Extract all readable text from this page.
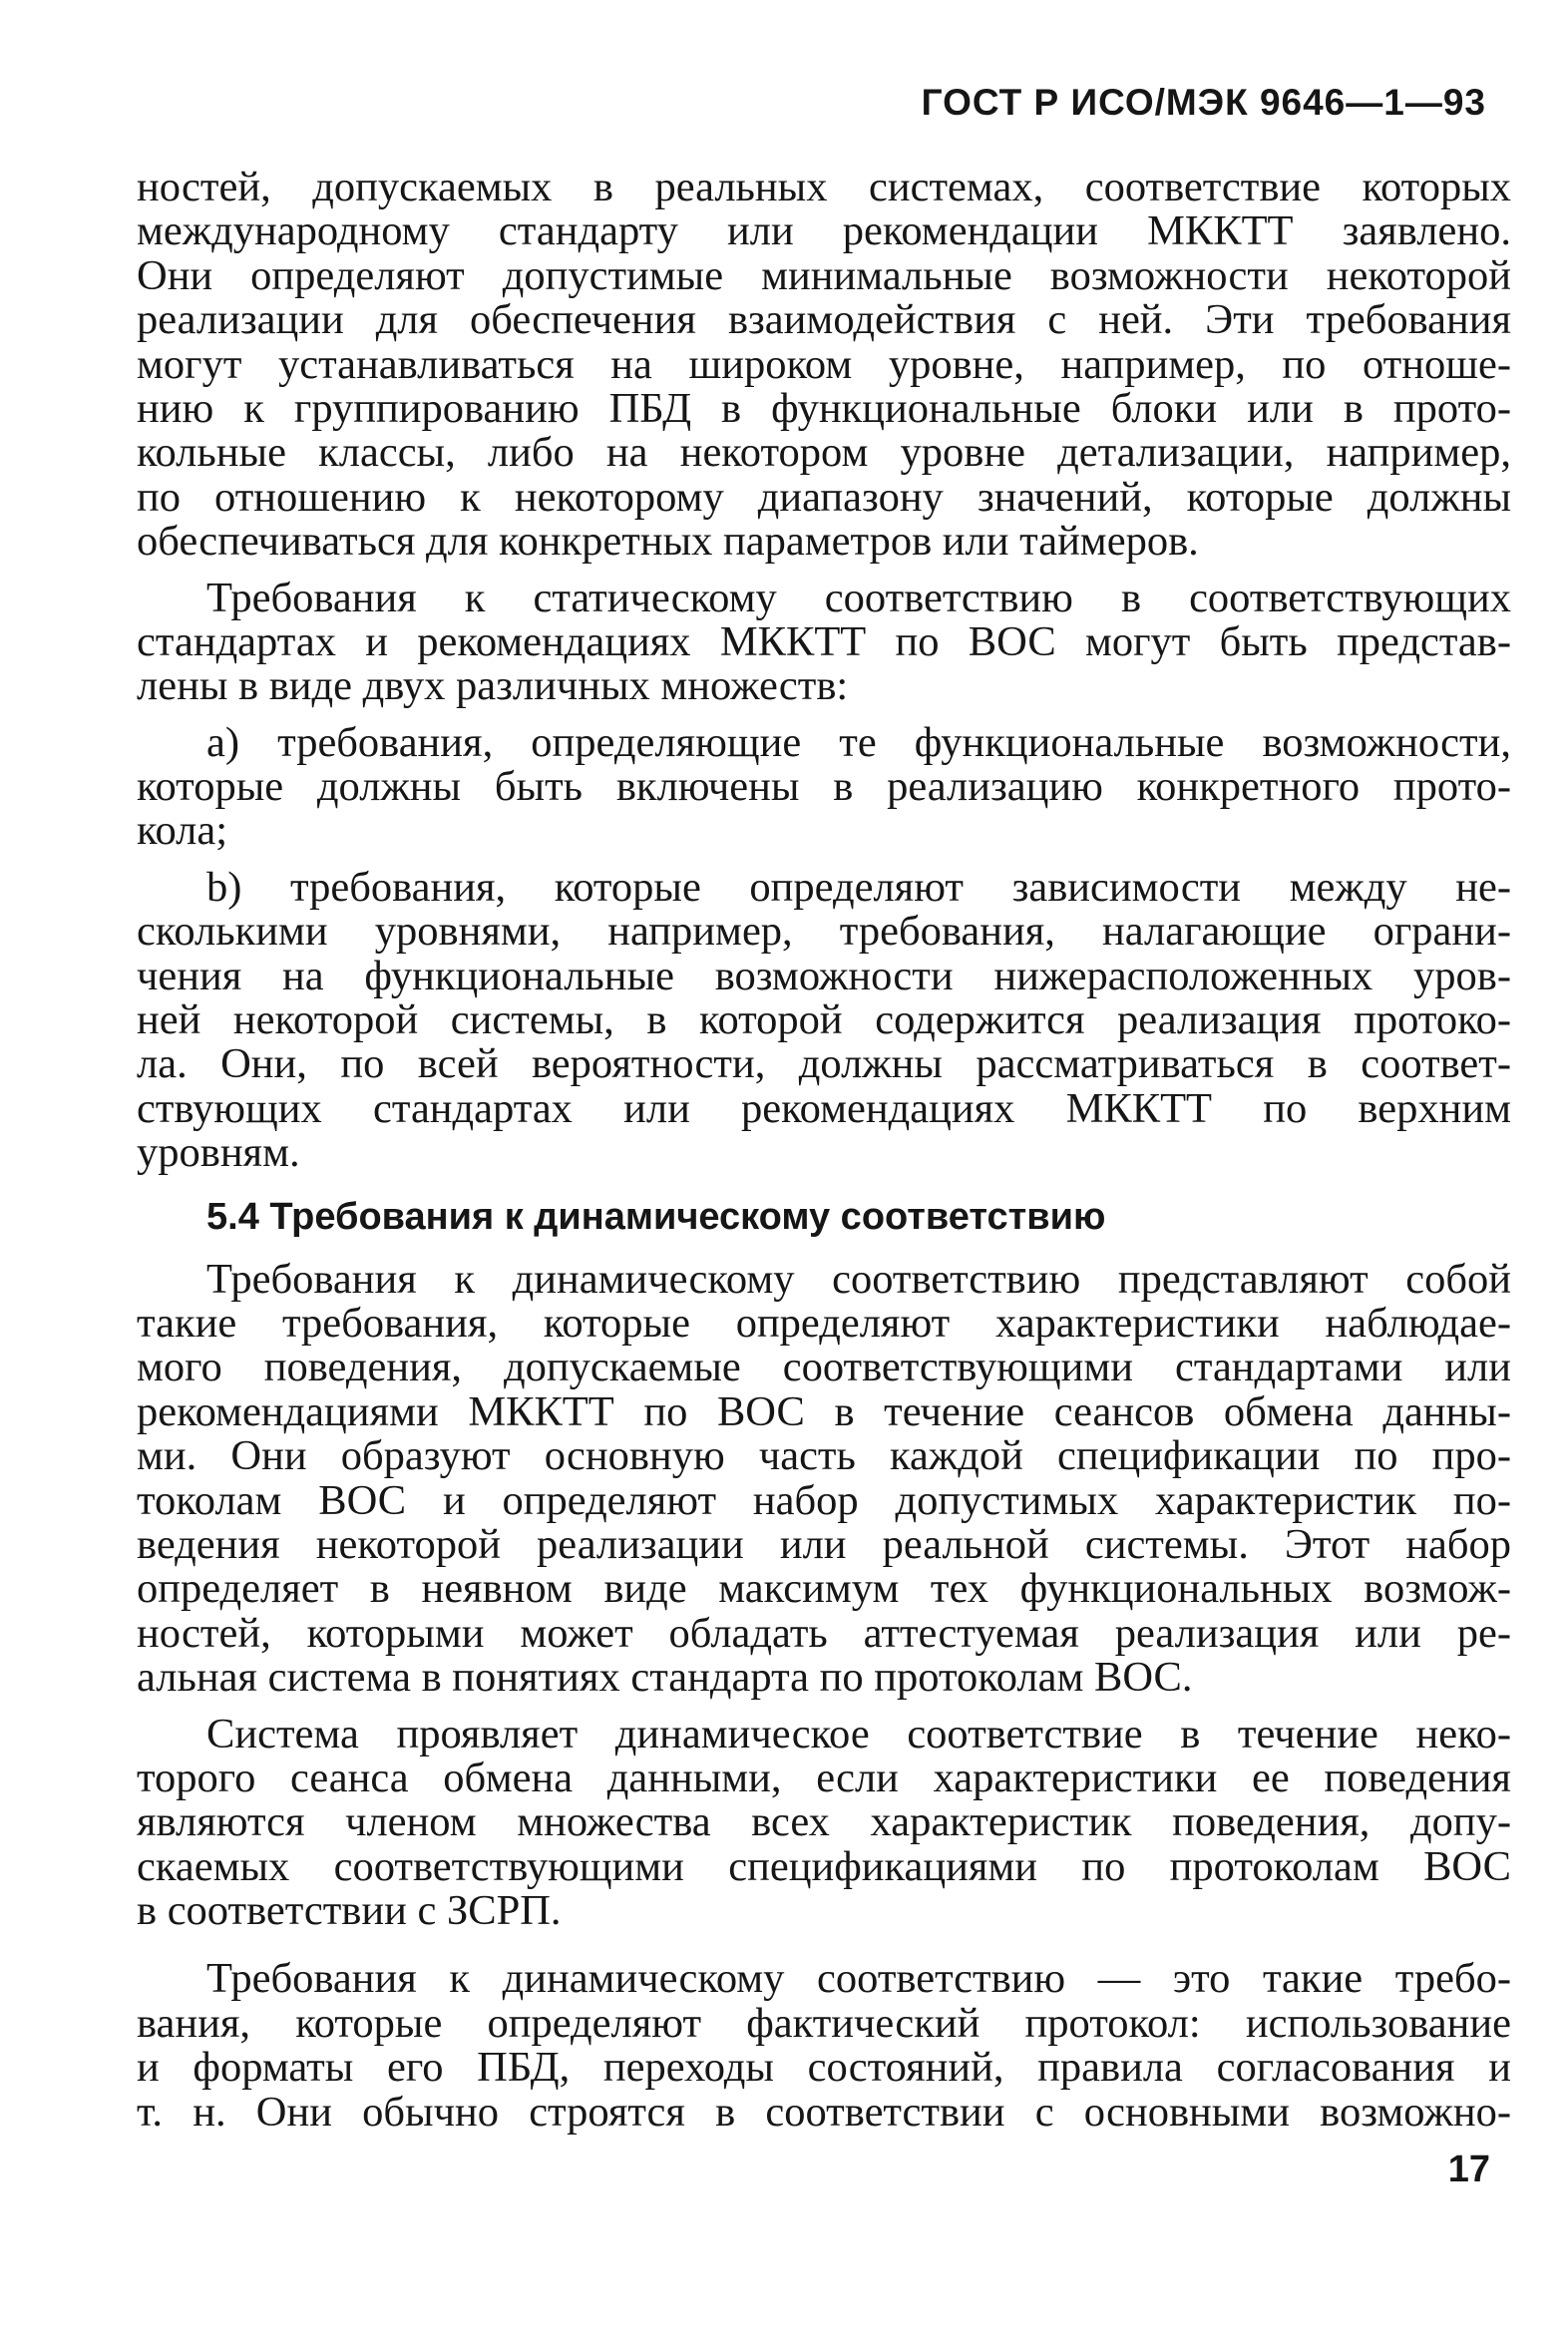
ГОСТ Р ИСО/МЭК 9646—1—93
ностей, допускаемых в реальных системах, соответствие которых
международному стандарту или рекомендации МККТТ заявлено.
Они определяют допустимые минимальные возможности некоторой
реализации для обеспечения взаимодействия с ней. Эти требования
могут устанавливаться на широком уровне, например, по отноше-
нию к группированию ПБД в функциональные блоки или в прото-
кольные классы, либо на некотором уровне детализации, например,
по отношению к некоторому диапазону значений, которые должны
обеспечиваться для конкретных параметров или таймеров.
Требования к статическому соответствию в соответствующих
стандартах и рекомендациях МККТТ по ВОС могут быть представ-
лены в виде двух различных множеств:
a) требования, определяющие те функциональные возможности,
которые должны быть включены в реализацию конкретного прото-
кола;
b) требования, которые определяют зависимости между не-
сколькими уровнями, например, требования, налагающие ограни-
чения на функциональные возможности нижерасположенных уров-
ней некоторой системы, в которой содержится реализация протоко-
ла. Они, по всей вероятности, должны рассматриваться в соответ-
ствующих стандартах или рекомендациях МККТТ по верхним
уровням.
5.4 Требования к динамическому соответствию
Требования к динамическому соответствию представляют собой
такие требования, которые определяют характеристики наблюдае-
мого поведения, допускаемые соответствующими стандартами или
рекомендациями МККТТ по ВОС в течение сеансов обмена данны-
ми. Они образуют основную часть каждой спецификации по про-
токолам ВОС и определяют набор допустимых характеристик по-
ведения некоторой реализации или реальной системы. Этот набор
определяет в неявном виде максимум тех функциональных возмож-
ностей, которыми может обладать аттестуемая реализация или ре-
альная система в понятиях стандарта по протоколам ВОС.
Система проявляет динамическое соответствие в течение неко-
торого сеанса обмена данными, если характеристики ее поведения
являются членом множества всех характеристик поведения, допу-
скаемых соответствующими спецификациями по протоколам ВОС
в соответствии с ЗСРП.
Требования к динамическому соответствию — это такие требо-
вания, которые определяют фактический протокол: использование
и форматы его ПБД, переходы состояний, правила согласования и
т. н. Они обычно строятся в соответствии с основными возможно-
17
